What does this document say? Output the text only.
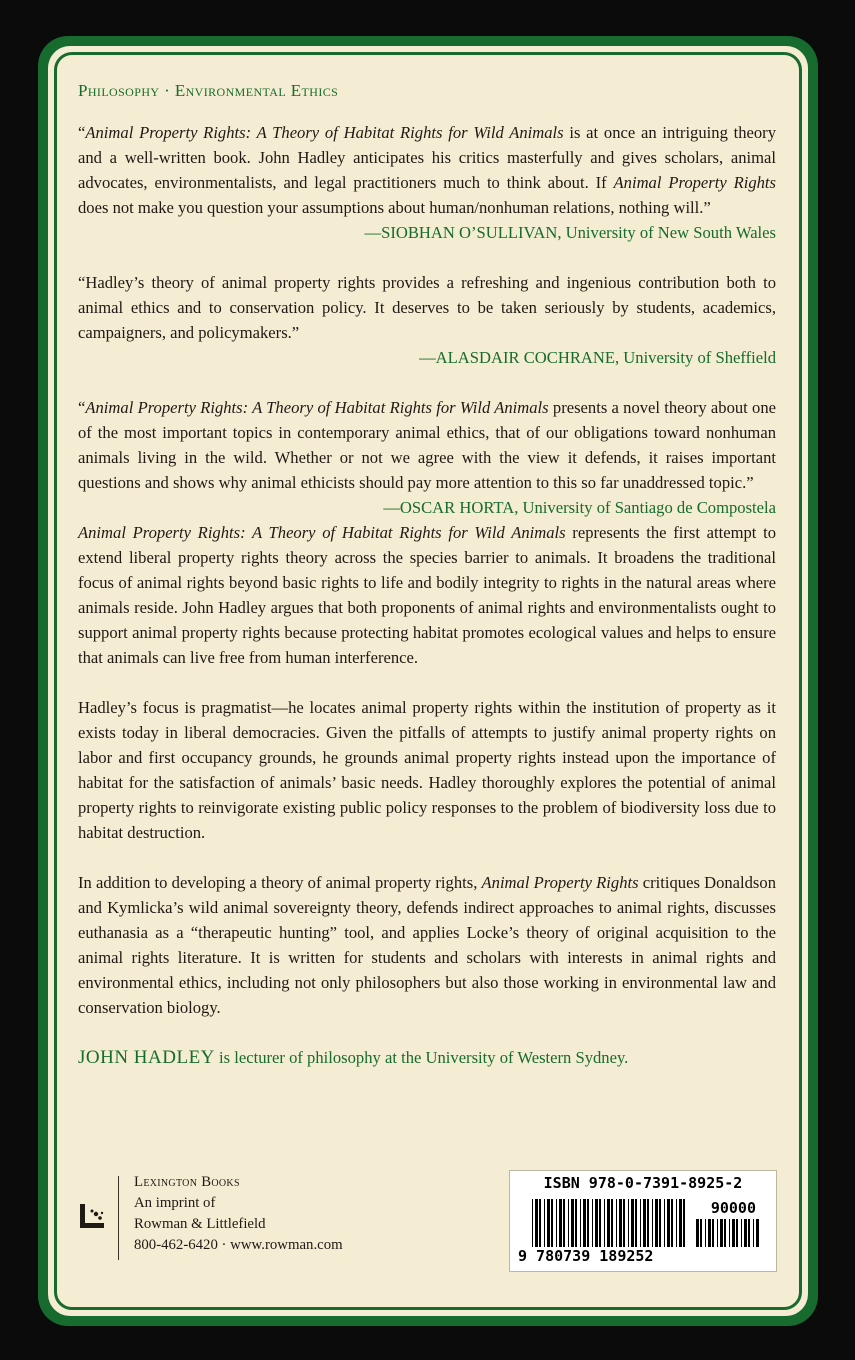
Philosophy · Environmental Ethics

“Animal Property Rights: A Theory of Habitat Rights for Wild Animals is at once an intriguing theory and a well-written book. John Hadley anticipates his critics masterfully and gives scholars, animal advocates, environmentalists, and legal practitioners much to think about. If Animal Property Rights does not make you question your assumptions about human/nonhuman relations, nothing will.”

—SIOBHAN O’SULLIVAN, University of New South Wales

“Hadley’s theory of animal property rights provides a refreshing and ingenious contribution both to animal ethics and to conservation policy. It deserves to be taken seriously by students, academics, campaigners, and policymakers.”

—ALASDAIR COCHRANE, University of Sheffield

“Animal Property Rights: A Theory of Habitat Rights for Wild Animals presents a novel theory about one of the most important topics in contemporary animal ethics, that of our obligations toward nonhuman animals living in the wild. Whether or not we agree with the view it defends, it raises important questions and shows why animal ethicists should pay more attention to this so far unaddressed topic.”
—OSCAR HORTA, University of Santiago de Compostela

Animal Property Rights: A Theory of Habitat Rights for Wild Animals represents the first attempt to extend liberal property rights theory across the species barrier to animals. It broadens the traditional focus of animal rights beyond basic rights to life and bodily integrity to rights in the natural areas where animals reside. John Hadley argues that both proponents of animal rights and environmentalists ought to support animal property rights because protecting habitat promotes ecological values and helps to ensure that animals can live free from human interference.

Hadley’s focus is pragmatist—he locates animal property rights within the institution of property as it exists today in liberal democracies. Given the pitfalls of attempts to justify animal property rights on labor and first occupancy grounds, he grounds animal property rights instead upon the importance of habitat for the satisfaction of animals’ basic needs. Hadley thoroughly explores the potential of animal property rights to reinvigorate existing public policy responses to the problem of biodiversity loss due to habitat destruction.

In addition to developing a theory of animal property rights, Animal Property Rights critiques Donaldson and Kymlicka’s wild animal sovereignty theory, defends indirect approaches to animal rights, discusses euthanasia as a “therapeutic hunting” tool, and applies Locke’s theory of original acquisition to the animal rights literature. It is written for students and scholars with interests in animal rights and environmental ethics, including not only philosophers but also those working in environmental law and conservation biology.

JOHN HADLEY is lecturer of philosophy at the University of Western Sydney.
Lexington Books
An imprint of
Rowman & Littlefield
800-462-6420 · www.rowman.com
ISBN 978-0-7391-8925-2
90000
9 780739 189252
